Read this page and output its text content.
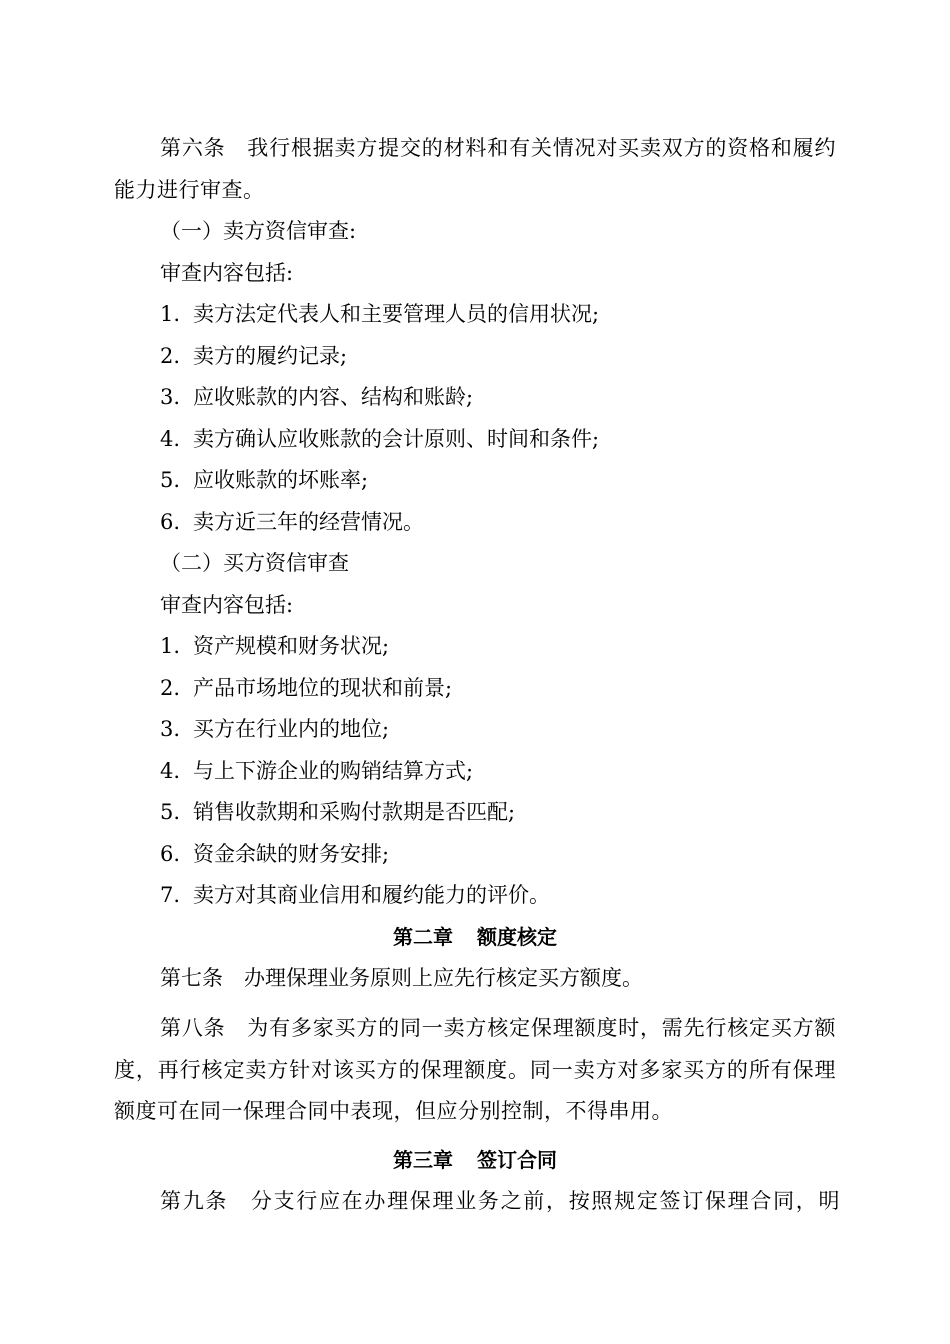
第六条　我行根据卖方提交的材料和有关情况对买卖双方的资格和履约能力进行审查。

（一）卖方资信审查:

审查内容包括:

1. 卖方法定代表人和主要管理人员的信用状况;

2. 卖方的履约记录;

3. 应收账款的内容、结构和账龄;

4. 卖方确认应收账款的会计原则、时间和条件;

5. 应收账款的坏账率;

6. 卖方近三年的经营情况。

（二）买方资信审查

审查内容包括:

1. 资产规模和财务状况;

2. 产品市场地位的现状和前景;

3. 买方在行业内的地位;

4. 与上下游企业的购销结算方式;

5. 销售收款期和采购付款期是否匹配;

6. 资金余缺的财务安排;

7. 卖方对其商业信用和履约能力的评价。

第二章 额度核定

第七条　办理保理业务原则上应先行核定买方额度。

第八条　为有多家买方的同一卖方核定保理额度时，需先行核定买方额度，再行核定卖方针对该买方的保理额度。同一卖方对多家买方的所有保理额度可在同一保理合同中表现，但应分别控制，不得串用。

第三章 签订合同

第九条　分支行应在办理保理业务之前，按照规定签订保理合同，明
